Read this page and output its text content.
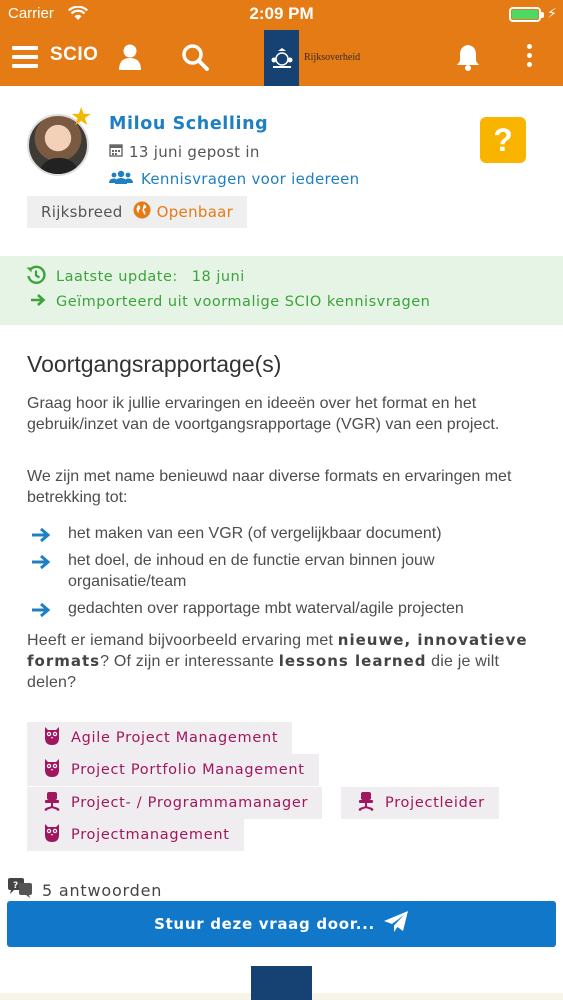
Carrier	2:09 PM	⚡
SCIO	Rijksoverheid
★ Milou Schelling
13 juni gepost in
Kennisvragen voor iedereen
?
Rijksbreed Openbaar
Laatste update: 18 juni
Geïmporteerd uit voormalige SCIO kennisvragen
Voortgangsrapportage(s)

Graag hoor ik jullie ervaringen en ideeën over het format en het gebruik/inzet van de voortgangsrapportage (VGR) van een project.

We zijn met name benieuwd naar diverse formats en ervaringen met betrekking tot:

het maken van een VGR (of vergelijkbaar document)
het doel, de inhoud en de functie ervan binnen jouw organisatie/team
gedachten over rapportage mbt waterval/agile projecten

Heeft er iemand bijvoorbeeld ervaring met nieuwe, innovatieve formats? Of zijn er interessante lessons learned die je wilt delen?

Agile Project Management
Project Portfolio Management
Project- / Programmamanager	Projectleider
Projectmanagement
? 5 antwoorden
Stuur deze vraag door...
